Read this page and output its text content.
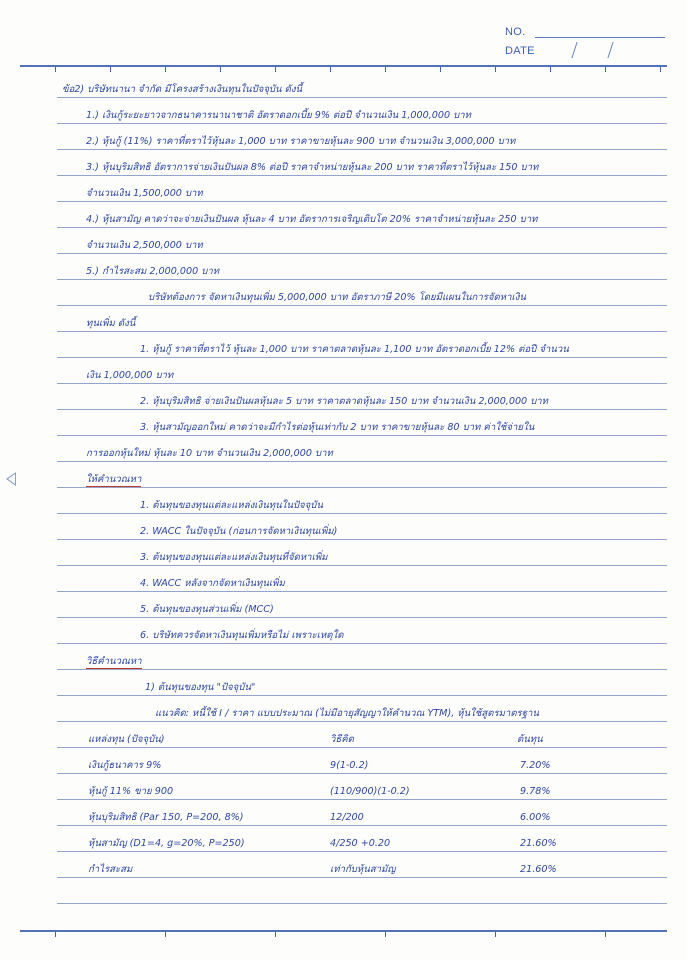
NO.
DATE
ข้อ2) บริษัทนานา จำกัด มีโครงสร้างเงินทุนในปัจจุบัน ดังนี้
1.) เงินกู้ระยะยาวจากธนาคารนานาชาติ อัตราดอกเบี้ย 9% ต่อปี จำนวนเงิน 1,000,000 บาท
2.) หุ้นกู้ (11%) ราคาที่ตราไว้หุ้นละ 1,000 บาท ราคาขายหุ้นละ 900 บาท จำนวนเงิน 3,000,000 บาท
3.) หุ้นบุริมสิทธิ อัตราการจ่ายเงินปันผล 8% ต่อปี ราคาจำหน่ายหุ้นละ 200 บาท ราคาที่ตราไว้หุ้นละ 150 บาท
จำนวนเงิน 1,500,000 บาท
4.) หุ้นสามัญ คาดว่าจะจ่ายเงินปันผล หุ้นละ 4 บาท อัตราการเจริญเติบโต 20% ราคาจำหน่ายหุ้นละ 250 บาท
จำนวนเงิน 2,500,000 บาท
5.) กำไรสะสม 2,000,000 บาท
บริษัทต้องการ จัดหาเงินทุนเพิ่ม 5,000,000 บาท อัตราภาษี 20% โดยมีแผนในการจัดหาเงิน
ทุนเพิ่ม ดังนี้
1. หุ้นกู้ ราคาที่ตราไว้ หุ้นละ 1,000 บาท ราคาตลาดหุ้นละ 1,100 บาท อัตราดอกเบี้ย 12% ต่อปี จำนวน
เงิน 1,000,000 บาท
2. หุ้นบุริมสิทธิ จ่ายเงินปันผลหุ้นละ 5 บาท ราคาตลาดหุ้นละ 150 บาท จำนวนเงิน 2,000,000 บาท
3. หุ้นสามัญออกใหม่ คาดว่าจะมีกำไรต่อหุ้นเท่ากับ 2 บาท ราคาขายหุ้นละ 80 บาท ค่าใช้จ่ายใน
การออกหุ้นใหม่ หุ้นละ 10 บาท จำนวนเงิน 2,000,000 บาท
ให้คำนวณหา
1. ต้นทุนของทุนแต่ละแหล่งเงินทุนในปัจจุบัน
2. WACC ในปัจจุบัน (ก่อนการจัดหาเงินทุนเพิ่ม)
3. ต้นทุนของทุนแต่ละแหล่งเงินทุนที่จัดหาเพิ่ม
4. WACC หลังจากจัดหาเงินทุนเพิ่ม
5. ต้นทุนของทุนส่วนเพิ่ม (MCC)
6. บริษัทควรจัดหาเงินทุนเพิ่มหรือไม่ เพราะเหตุใด
วิธีคำนวณหา
1) ต้นทุนของทุน "ปัจจุบัน"
แนวคิด: หนี้ใช้ I / ราคา แบบประมาณ (ไม่มีอายุสัญญาให้คำนวณ YTM), หุ้นใช้สูตรมาตรฐาน
แหล่งทุน (ปัจจุบัน)	วิธีคิด	ต้นทุน
เงินกู้ธนาคาร 9%	9(1-0.2)	7.20%
หุ้นกู้ 11% ขาย 900	(110/900)(1-0.2)	9.78%
หุ้นบุริมสิทธิ (Par 150, P=200, 8%)	12/200	6.00%
หุ้นสามัญ (D1=4, g=20%, P=250)	4/250 +0.20	21.60%
กำไรสะสม	เท่ากับหุ้นสามัญ	21.60%
